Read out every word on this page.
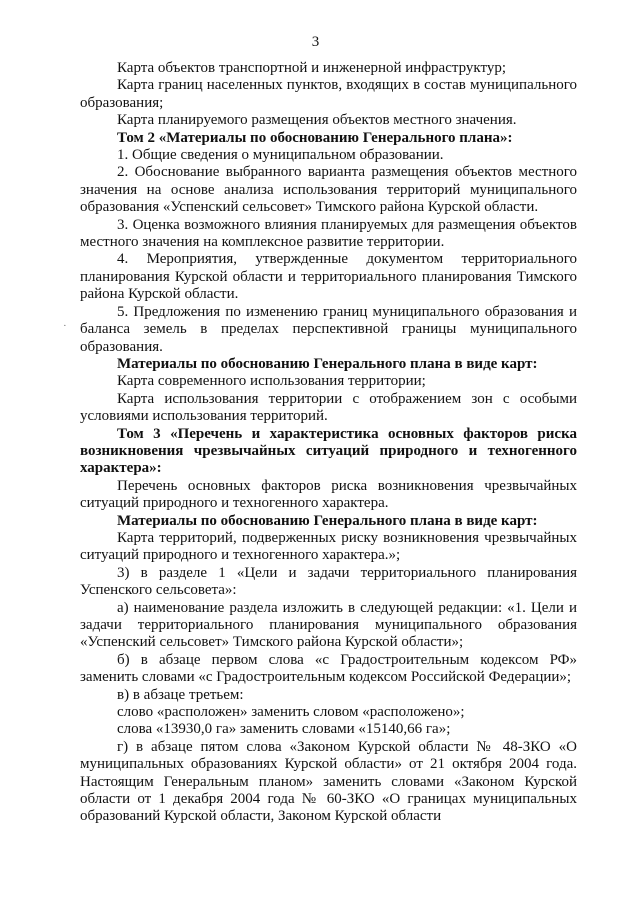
3
·

Карта объектов транспортной и инженерной инфраструктур;

Карта границ населенных пунктов, входящих в состав муниципального образования;

Карта планируемого размещения объектов местного значения.

Том 2 «Материалы по обоснованию Генерального плана»:

1. Общие сведения о муниципальном образовании.

2. Обоснование выбранного варианта размещения объектов местного значения на основе анализа использования территорий муниципального образования «Успенский сельсовет» Тимского района Курской области.

3. Оценка возможного влияния планируемых для размещения объектов местного значения на комплексное развитие территории.

4. Мероприятия, утвержденные документом территориального планирования Курской области и территориального планирования Тимского района Курской области.

5. Предложения по изменению границ муниципального образования и баланса земель в пределах перспективной границы муниципального образования.

Материалы по обоснованию Генерального плана в виде карт:

Карта современного использования территории;

Карта использования территории с отображением зон с особыми условиями использования территорий.

Том 3 «Перечень и характеристика основных факторов риска возникновения чрезвычайных ситуаций природного и техногенного характера»:

Перечень основных факторов риска возникновения чрезвычайных ситуаций природного и техногенного характера.

Материалы по обоснованию Генерального плана в виде карт:

Карта территорий, подверженных риску возникновения чрезвычайных ситуаций природного и техногенного характера.»;

3) в разделе 1 «Цели и задачи территориального планирования Успенского сельсовета»:

а) наименование раздела изложить в следующей редакции: «1. Цели и задачи территориального планирования муниципального образования «Успенский сельсовет» Тимского района Курской области»;

б) в абзаце первом слова «с Градостроительным кодексом РФ» заменить словами «с Градостроительным кодексом Российской Федерации»;

в) в абзаце третьем:

слово «расположен» заменить словом «расположено»;

слова «13930,0 га» заменить словами «15140,66 га»;

г) в абзаце пятом слова «Законом Курской области № 48-ЗКО «О муниципальных образованиях Курской области» от 21 октября 2004 года. Настоящим Генеральным планом» заменить словами «Законом Курской области от 1 декабря 2004 года № 60-ЗКО «О границах муниципальных образований Курской области, Законом Курской области
